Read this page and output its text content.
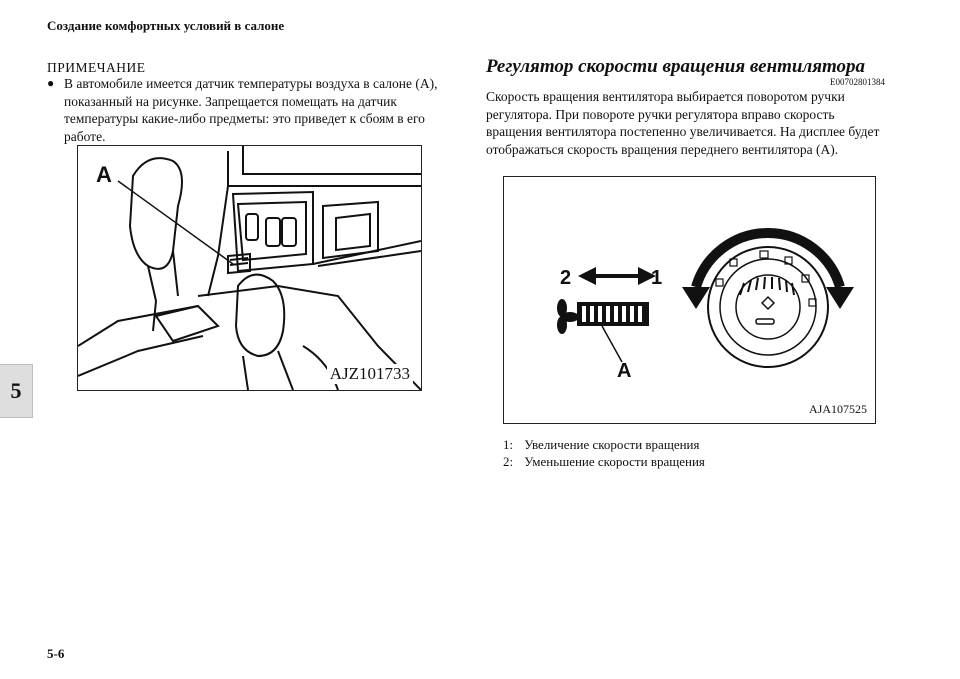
Создание комфортных условий в салоне
5
ПРИМЕЧАНИЕ
● В автомобиле имеется датчик температуры воздуха в салоне (A), показанный на рисунке. Запрещается помещать на датчик температуры какие-либо предметы: это приведет к сбоям в его работе.

A
AJZ101733
Регулятор скорости вращения вентилятора
E00702801384
Скорость вращения вентилятора выбирается поворотом ручки регулятора. При повороте ручки регулятора вправо скорость вращения вентилятора постепенно увеличивается. На дисплее будет отображаться скорость вращения переднего вентилятора (A).
2	1
A
AJA107525
1: Увеличение скорости вращения
2: Уменьшение скорости вращения
5-6
